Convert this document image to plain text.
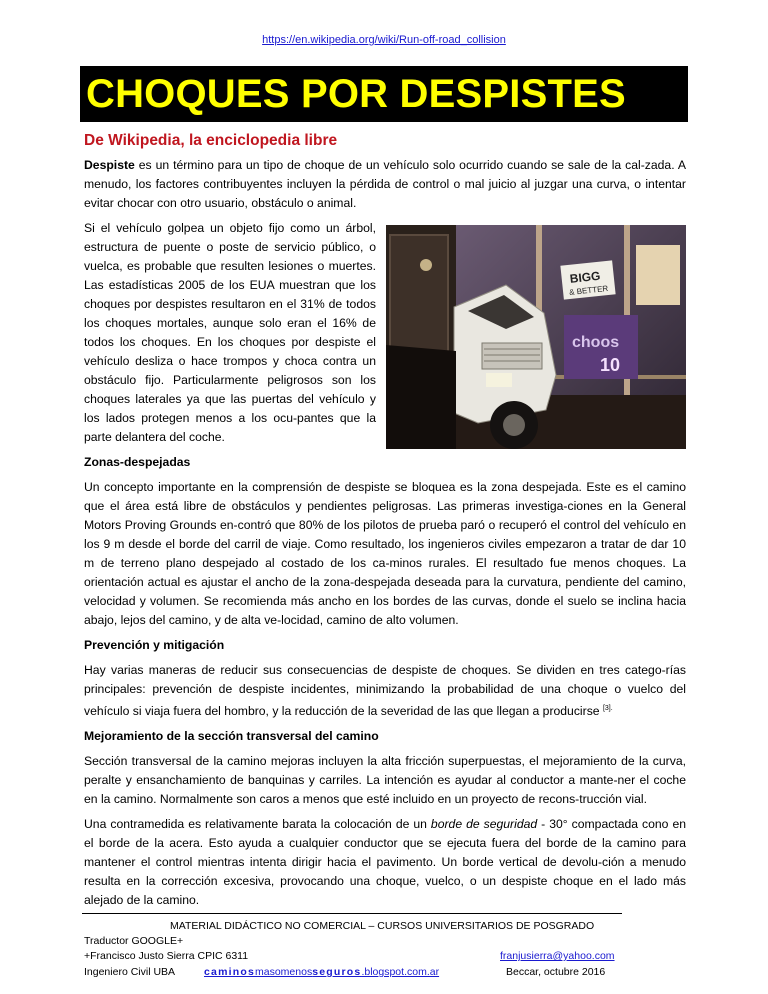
https://en.wikipedia.org/wiki/Run-off-road_collision
CHOQUES POR DESPISTES
De Wikipedia, la enciclopedia libre

Despiste es un término para un tipo de choque de un vehículo solo ocurrido cuando se sale de la cal-zada. A menudo, los factores contribuyentes incluyen la pérdida de control o mal juicio al juzgar una curva, o intentar evitar chocar con otro usuario, obstáculo o animal.

BIGG
& BETTER
choos
10

Si el vehículo golpea un objeto fijo como un árbol, estructura de puente o poste de servicio público, o vuelca, es probable que resulten lesiones o muertes. Las estadísticas 2005 de los EUA muestran que los choques por despistes resultaron en el 31% de todos los choques mortales, aunque solo eran el 16% de todos los choques. En los choques por despiste el vehículo desliza o hace trompos y choca contra un obstáculo fijo. Particularmente peligrosos son los choques laterales ya que las puertas del vehículo y los lados protegen menos a los ocu-pantes que la parte delantera del coche.

Zonas-despejadas

Un concepto importante en la comprensión de despiste se bloquea es la zona despejada. Este es el camino que el área está libre de obstáculos y pendientes peligrosas. Las primeras investiga-ciones en la General Motors Proving Grounds en-contró que 80% de los pilotos de prueba paró o recuperó el control del vehículo en los 9 m desde el borde del carril de viaje. Como resultado, los ingenieros civiles empezaron a tratar de dar 10 m de terreno plano despejado al costado de los ca-minos rurales. El resultado fue menos choques. La orientación actual es ajustar el ancho de la zona-despejada deseada para la curvatura, pendiente del camino, velocidad y volumen. Se recomienda más ancho en los bordes de las curvas, donde el suelo se inclina hacia abajo, lejos del camino, y de alta ve-locidad, camino de alto volumen.

Prevención y mitigación

Hay varias maneras de reducir sus consecuencias de despiste de choques. Se dividen en tres catego-rías principales: prevención de despiste incidentes, minimizando la probabilidad de una choque o vuelco del vehículo si viaja fuera del hombro, y la reducción de la severidad de las que llegan a producirse $^{[3].}$

Mejoramiento de la sección transversal del camino

Sección transversal de la camino mejoras incluyen la alta fricción superpuestas, el mejoramiento de la curva, peralte y ensanchamiento de banquinas y carriles. La intención es ayudar al conductor a mante-ner el coche en la camino. Normalmente son caros a menos que esté incluido en un proyecto de recons-trucción vial.

Una contramedida es relativamente barata la colocación de un borde de seguridad - 30° compactada cono en el borde de la acera. Esto ayuda a cualquier conductor que se ejecuta fuera del borde de la camino para mantener el control mientras intenta dirigir hacia el pavimento. Un borde vertical de devolu-ción a menudo resulta en la corrección excesiva, provocando una choque, vuelco, o un despiste choque en el lado más alejado de la camino.

MATERIAL DIDÁCTICO NO COMERCIAL – CURSOS UNIVERSITARIOS DE POSGRADO
Traductor GOOGLE+
+Francisco Justo Sierra CPIC 6311	franjusierra@yahoo.com
Ingeniero Civil UBA	caminosmasomenosseguros.blogspot.com.ar	Beccar, octubre 2016
